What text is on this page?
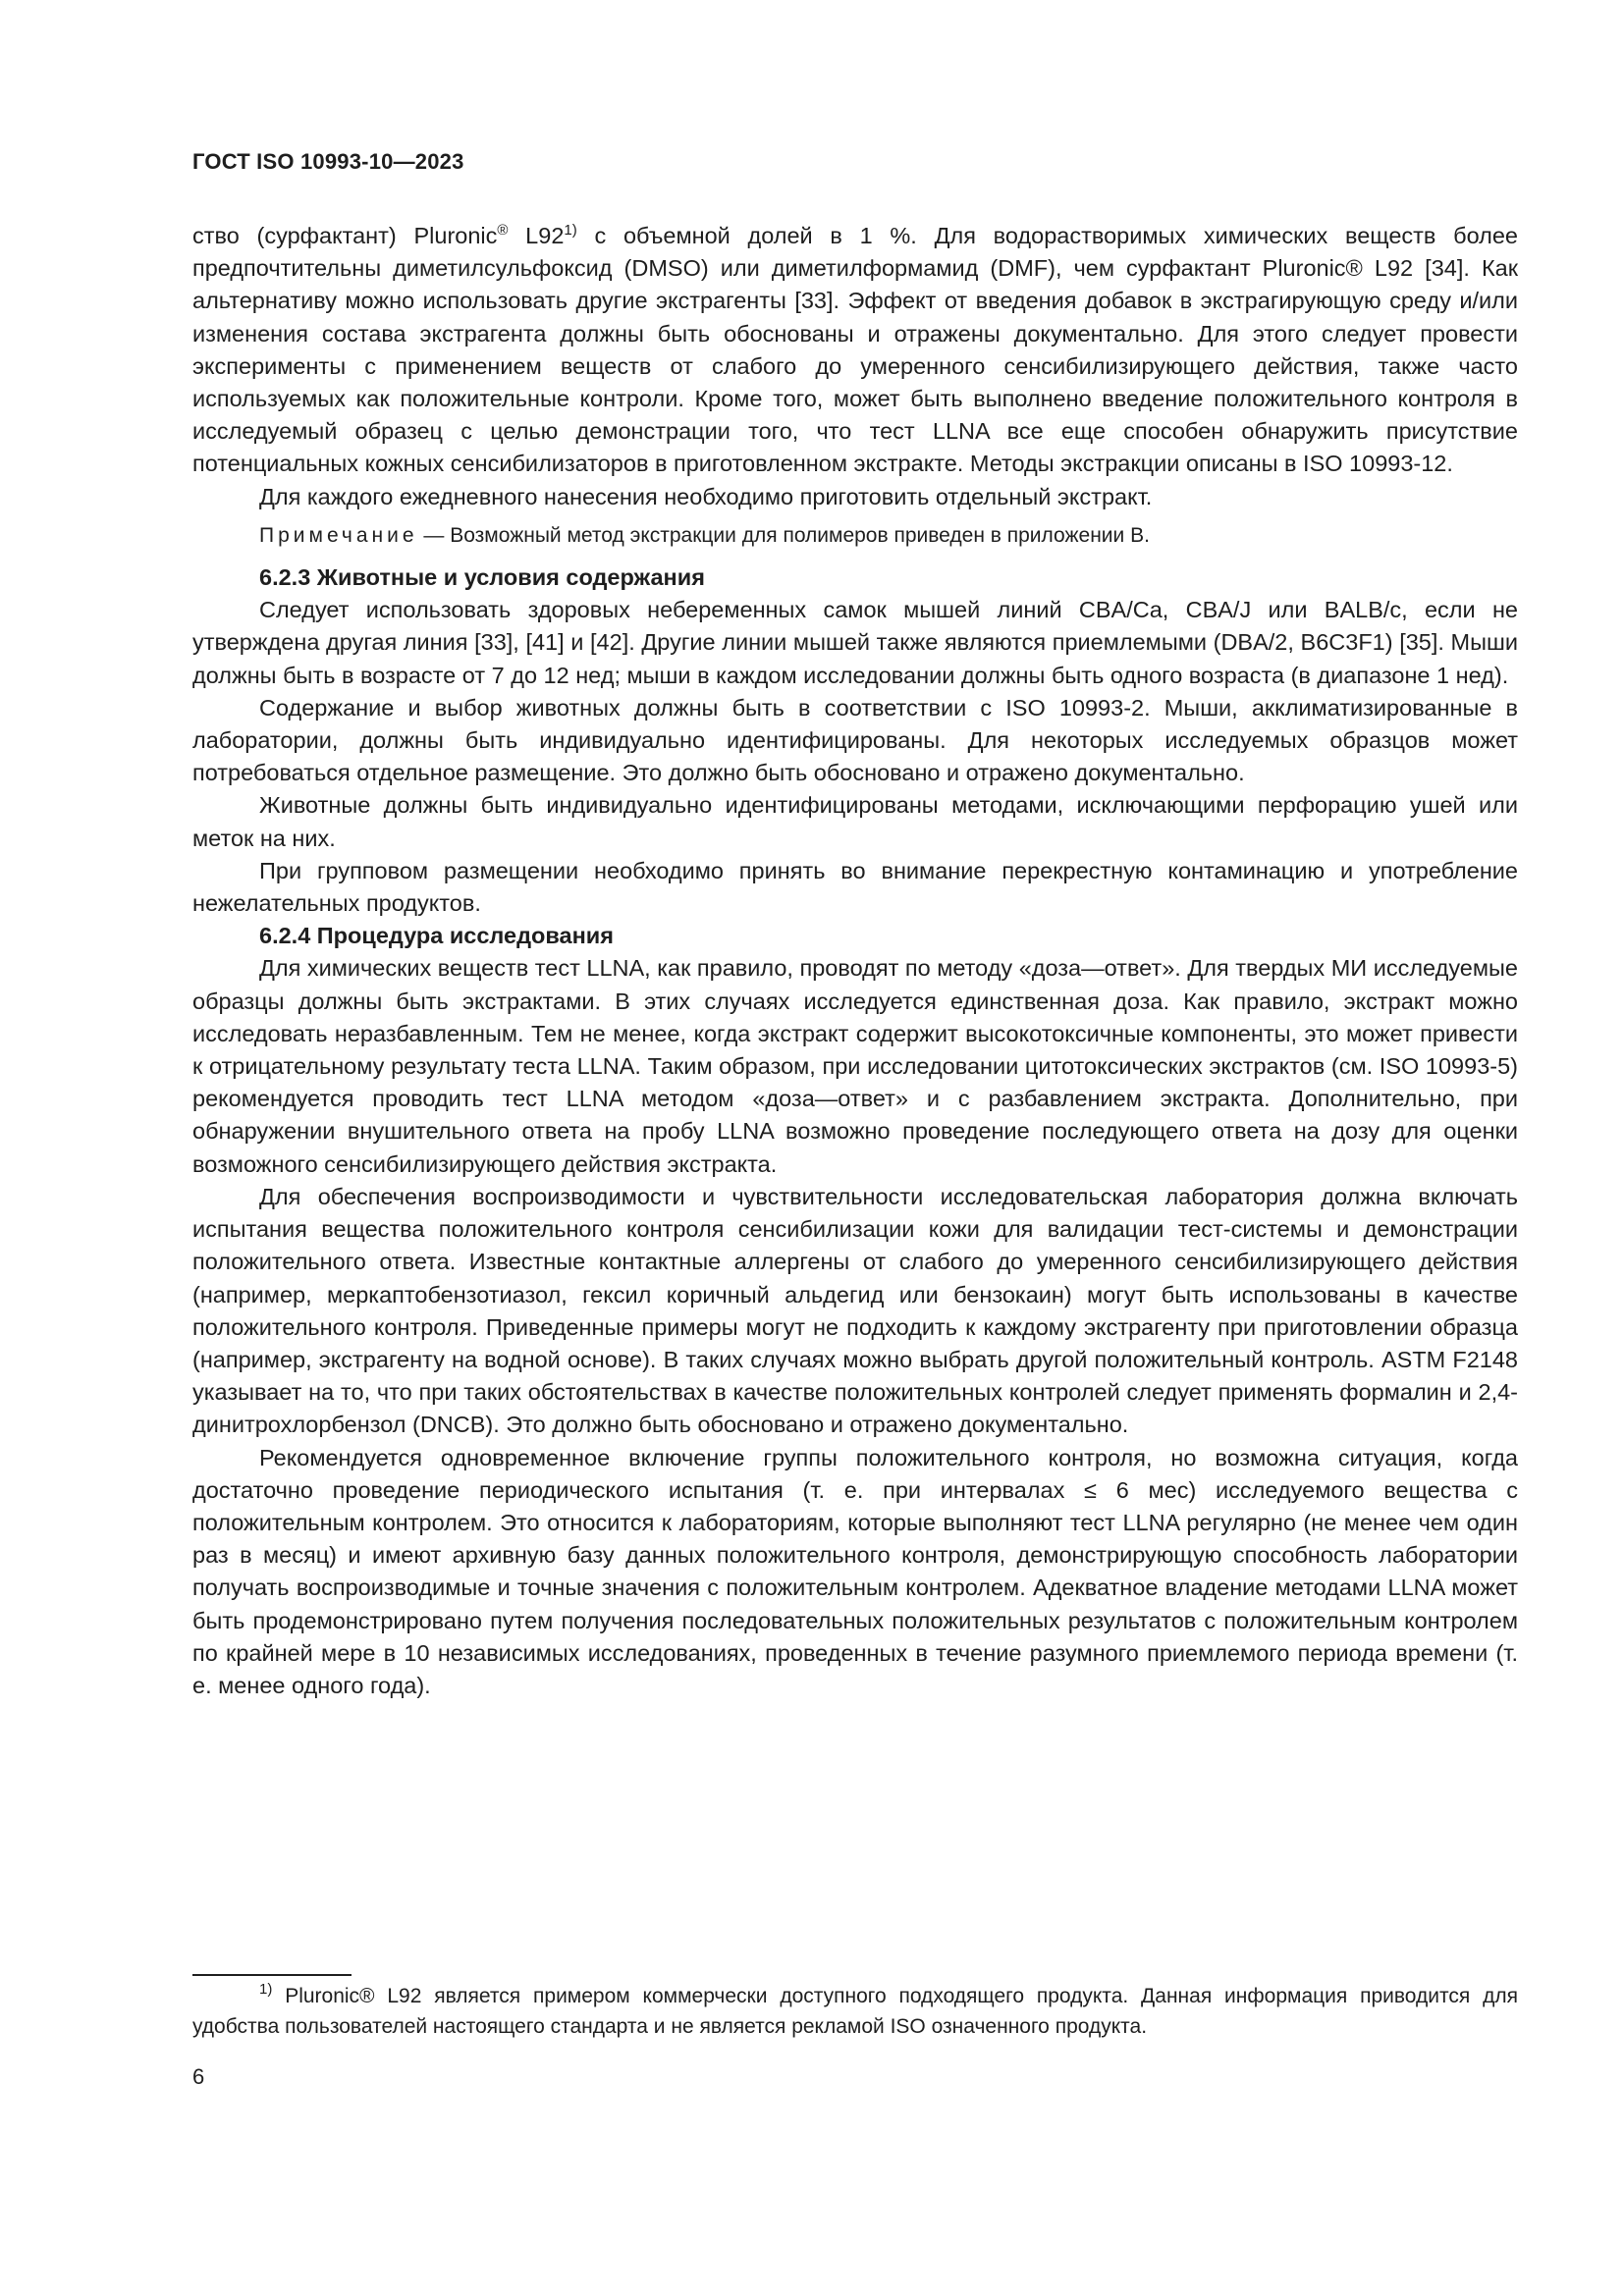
ГОСТ ISO 10993-10—2023

ство (сурфактант) Pluronic® L92$^{1)}$ с объемной долей в 1 %. Для водорастворимых химических веществ более предпочтительны диметилсульфоксид (DMSO) или диметилформамид (DMF), чем сурфактант Pluronic® L92 [34]. Как альтернативу можно использовать другие экстрагенты [33]. Эффект от введения добавок в экстрагирующую среду и/или изменения состава экстрагента должны быть обоснованы и отражены документально. Для этого следует провести эксперименты с применением веществ от слабого до умеренного сенсибилизирующего действия, также часто используемых как положительные контроли. Кроме того, может быть выполнено введение положительного контроля в исследуемый образец с целью демонстрации того, что тест LLNA все еще способен обнаружить присутствие потенциальных кожных сенсибилизаторов в приготовленном экстракте. Методы экстракции описаны в ISO 10993-12.

Для каждого ежедневного нанесения необходимо приготовить отдельный экстракт.

Примечание — Возможный метод экстракции для полимеров приведен в приложении В.

6.2.3 Животные и условия содержания

Следует использовать здоровых небеременных самок мышей линий CBA/Ca, CBA/J или BALB/c, если не утверждена другая линия [33], [41] и [42]. Другие линии мышей также являются приемлемыми (DBA/2, B6C3F1) [35]. Мыши должны быть в возрасте от 7 до 12 нед; мыши в каждом исследовании должны быть одного возраста (в диапазоне 1 нед).

Содержание и выбор животных должны быть в соответствии с ISO 10993-2. Мыши, акклиматизированные в лаборатории, должны быть индивидуально идентифицированы. Для некоторых исследуемых образцов может потребоваться отдельное размещение. Это должно быть обосновано и отражено документально.

Животные должны быть индивидуально идентифицированы методами, исключающими перфорацию ушей или меток на них.

При групповом размещении необходимо принять во внимание перекрестную контаминацию и употребление нежелательных продуктов.

6.2.4 Процедура исследования

Для химических веществ тест LLNA, как правило, проводят по методу «доза—ответ». Для твердых МИ исследуемые образцы должны быть экстрактами. В этих случаях исследуется единственная доза. Как правило, экстракт можно исследовать неразбавленным. Тем не менее, когда экстракт содержит высокотоксичные компоненты, это может привести к отрицательному результату теста LLNA. Таким образом, при исследовании цитотоксических экстрактов (см. ISO 10993-5) рекомендуется проводить тест LLNA методом «доза—ответ» и с разбавлением экстракта. Дополнительно, при обнаружении внушительного ответа на пробу LLNA возможно проведение последующего ответа на дозу для оценки возможного сенсибилизирующего действия экстракта.

Для обеспечения воспроизводимости и чувствительности исследовательская лаборатория должна включать испытания вещества положительного контроля сенсибилизации кожи для валидации тест-системы и демонстрации положительного ответа. Известные контактные аллергены от слабого до умеренного сенсибилизирующего действия (например, меркаптобензотиазол, гексил коричный альдегид или бензокаин) могут быть использованы в качестве положительного контроля. Приведенные примеры могут не подходить к каждому экстрагенту при приготовлении образца (например, экстрагенту на водной основе). В таких случаях можно выбрать другой положительный контроль. ASTM F2148 указывает на то, что при таких обстоятельствах в качестве положительных контролей следует применять формалин и 2,4-динитрохлорбензол (DNCB). Это должно быть обосновано и отражено документально.

Рекомендуется одновременное включение группы положительного контроля, но возможна ситуация, когда достаточно проведение периодического испытания (т. е. при интервалах ≤ 6 мес) исследуемого вещества с положительным контролем. Это относится к лабораториям, которые выполняют тест LLNA регулярно (не менее чем один раз в месяц) и имеют архивную базу данных положительного контроля, демонстрирующую способность лаборатории получать воспроизводимые и точные значения с положительным контролем. Адекватное владение методами LLNA может быть продемонстрировано путем получения последовательных положительных результатов с положительным контролем по крайней мере в 10 независимых исследованиях, проведенных в течение разумного приемлемого периода времени (т. е. менее одного года).

$^{1)}$ Pluronic® L92 является примером коммерчески доступного подходящего продукта. Данная информация приводится для удобства пользователей настоящего стандарта и не является рекламой ISO означенного продукта.
6
